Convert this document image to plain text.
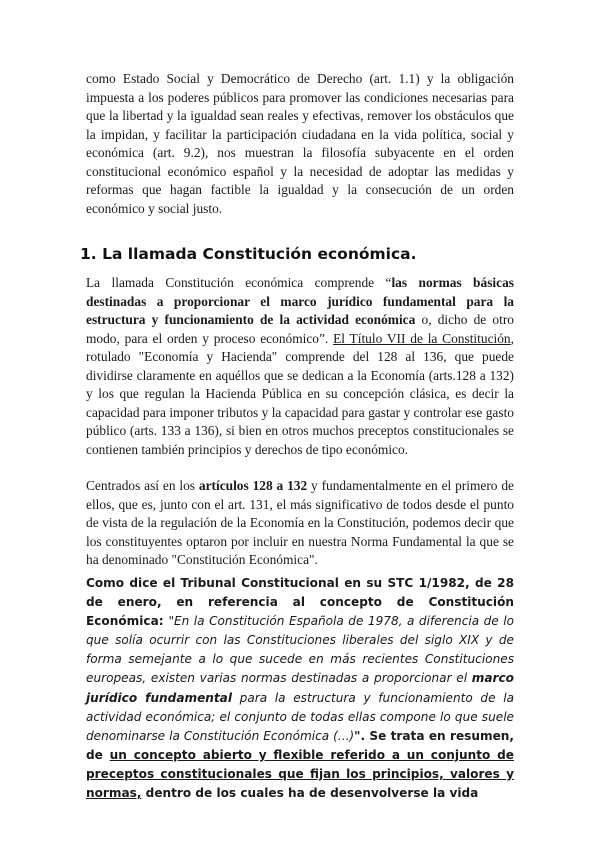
como Estado Social y Democrático de Derecho (art. 1.1) y la obligación impuesta a los poderes públicos para promover las condiciones necesarias para que la libertad y la igualdad sean reales y efectivas, remover los obstáculos que la impidan, y facilitar la participación ciudadana en la vida política, social y económica (art. 9.2), nos muestran la filosofía subyacente en el orden constitucional económico español y la necesidad de adoptar las medidas y reformas que hagan factible la igualdad y la consecución de un orden económico y social justo.

1. La llamada Constitución económica.

La llamada Constitución económica comprende “las normas básicas destinadas a proporcionar el marco jurídico fundamental para la estructura y funcionamiento de la actividad económica o, dicho de otro modo, para el orden y proceso económico”. El Título VII de la Constitución, rotulado "Economía y Hacienda" comprende del 128 al 136, que puede dividirse claramente en aquéllos que se dedican a la Economía (arts.128 a 132) y los que regulan la Hacienda Pública en su concepción clásica, es decir la capacidad para imponer tributos y la capacidad para gastar y controlar ese gasto público (arts. 133 a 136), si bien en otros muchos preceptos constitucionales se contienen también principios y derechos de tipo económico.

Centrados así en los artículos 128 a 132 y fundamentalmente en el primero de ellos, que es, junto con el art. 131, el más significativo de todos desde el punto de vista de la regulación de la Economía en la Constitución, podemos decir que los constituyentes optaron por incluir en nuestra Norma Fundamental la que se ha denominado "Constitución Económica".

Como dice el Tribunal Constitucional en su STC 1/1982, de 28 de enero, en referencia al concepto de Constitución Económica: "En la Constitución Española de 1978, a diferencia de lo que solía ocurrir con las Constituciones liberales del siglo XIX y de forma semejante a lo que sucede en más recientes Constituciones europeas, existen varias normas destinadas a proporcionar el marco jurídico fundamental para la estructura y funcionamiento de la actividad económica; el conjunto de todas ellas compone lo que suele denominarse la Constitución Económica (...)". Se trata en resumen, de un concepto abierto y flexible referido a un conjunto de preceptos constitucionales que fijan los principios, valores y normas, dentro de los cuales ha de desenvolverse la vida
